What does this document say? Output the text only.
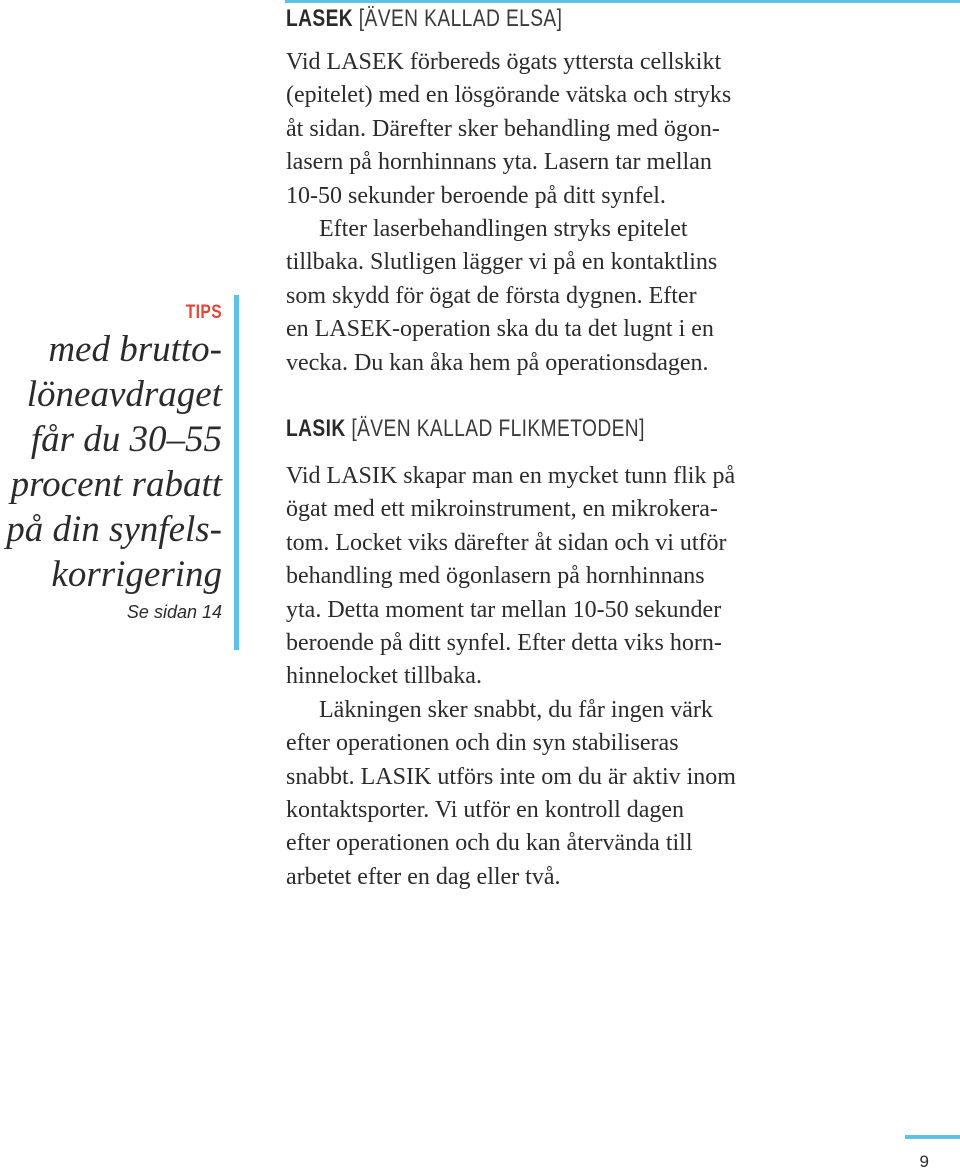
TIPS
med brutto-
löneavdraget
får du 30–55
procent rabatt
på din synfels-
korrigering
Se sidan 14
LASEK [ÄVEN KALLAD ELSA]
Vid LASEK förbereds ögats yttersta cellskikt
(epitelet) med en lösgörande vätska och stryks
åt sidan. Därefter sker behandling med ögon-
lasern på hornhinnans yta. Lasern tar mellan
10-50 sekunder beroende på ditt synfel.
Efter laserbehandlingen stryks epitelet
tillbaka. Slutligen lägger vi på en kontaktlins
som skydd för ögat de första dygnen. Efter
en LASEK-operation ska du ta det lugnt i en
vecka. Du kan åka hem på operationsdagen.
LASIK [ÄVEN KALLAD FLIKMETODEN]
Vid LASIK skapar man en mycket tunn flik på
ögat med ett mikroinstrument, en mikrokera-
tom. Locket viks därefter åt sidan och vi utför
behandling med ögonlasern på hornhinnans
yta. Detta moment tar mellan 10-50 sekunder
beroende på ditt synfel. Efter detta viks horn-
hinnelocket tillbaka.
Läkningen sker snabbt, du får ingen värk
efter operationen och din syn stabiliseras
snabbt. LASIK utförs inte om du är aktiv inom
kontaktsporter. Vi utför en kontroll dagen
efter operationen och du kan återvända till
arbetet efter en dag eller två.
9
